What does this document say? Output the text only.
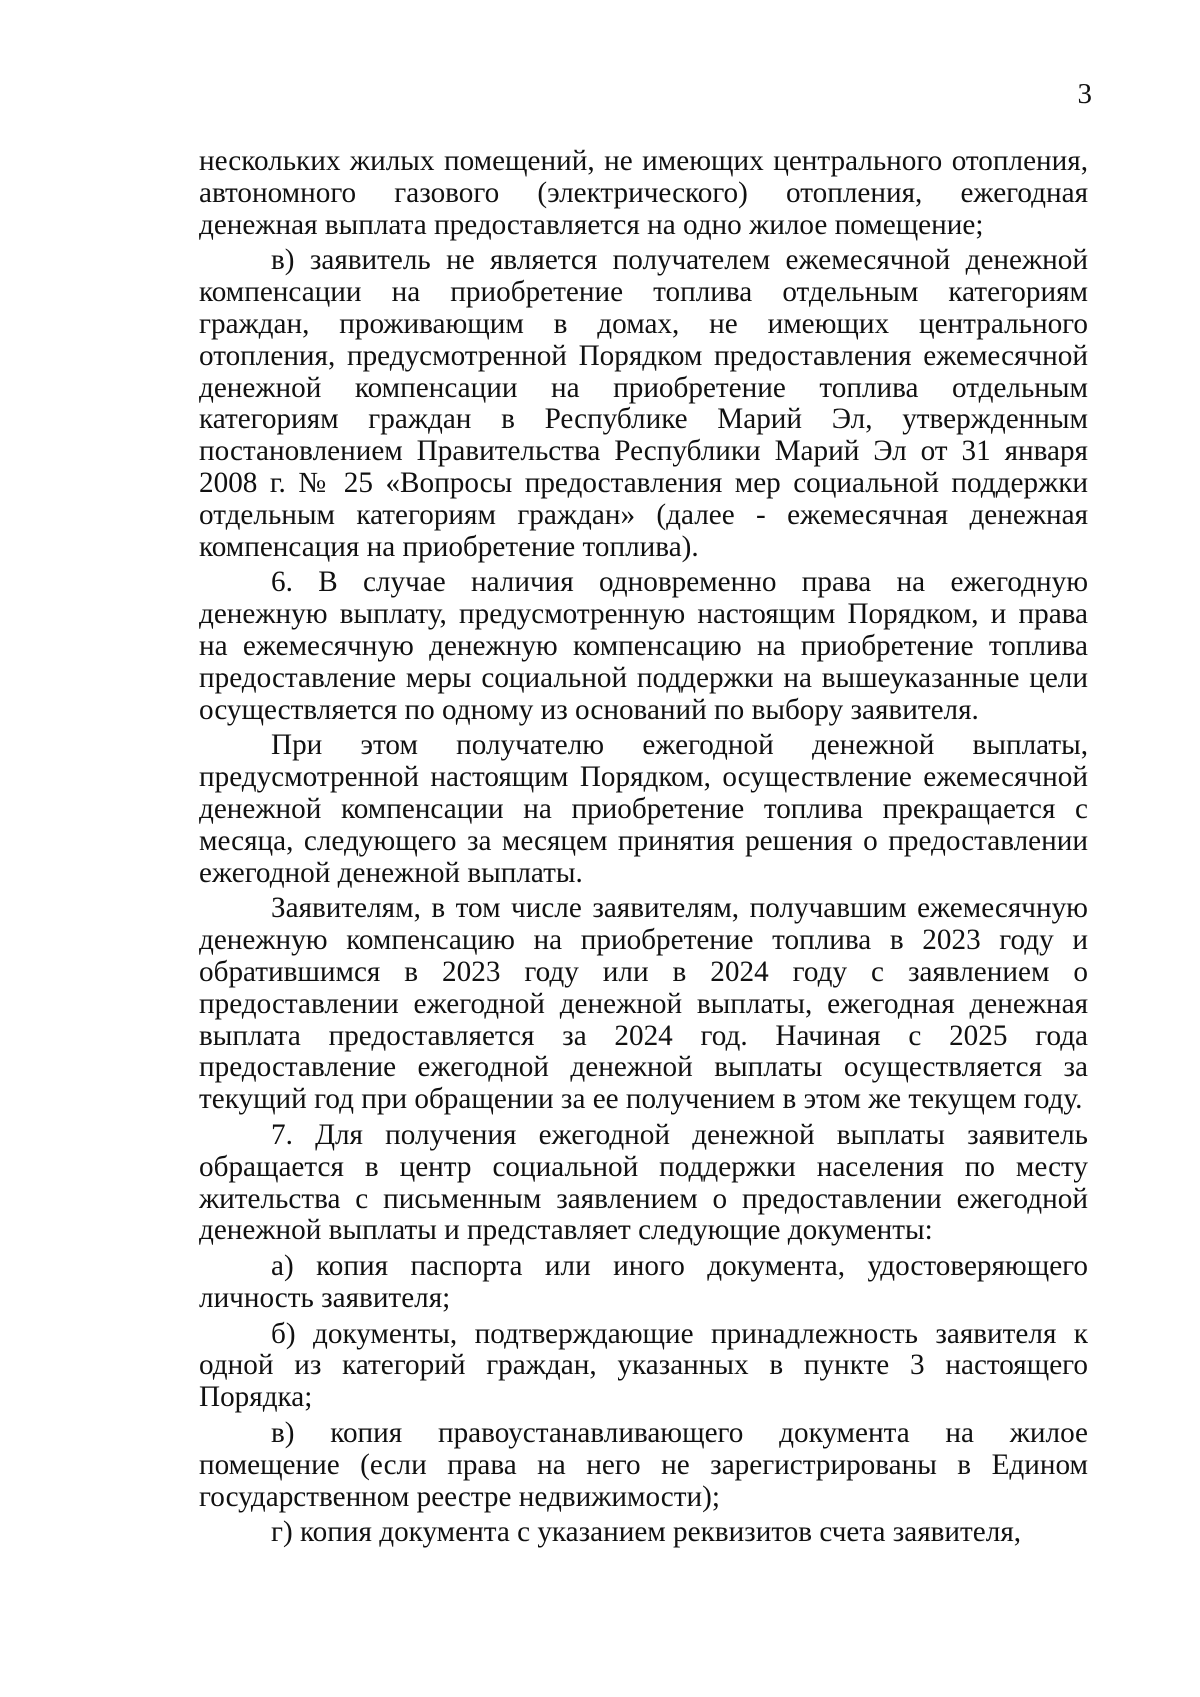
3

нескольких жилых помещений, не имеющих центрального отопления, автономного газового (электрического) отопления, ежегодная денежная выплата предоставляется на одно жилое помещение;

в) заявитель не является получателем ежемесячной денежной компенсации на приобретение топлива отдельным категориям граждан, проживающим в домах, не имеющих центрального отопления, предусмотренной Порядком предоставления ежемесячной денежной компенсации на приобретение топлива отдельным категориям граждан в Республике Марий Эл, утвержденным постановлением Правительства Республики Марий Эл от 31 января 2008 г. № 25 «Вопросы предоставления мер социальной поддержки отдельным категориям граждан» (далее - ежемесячная денежная компенсация на приобретение топлива).

6. В случае наличия одновременно права на ежегодную денежную выплату, предусмотренную настоящим Порядком, и права на ежемесячную денежную компенсацию на приобретение топлива предоставление меры социальной поддержки на вышеуказанные цели осуществляется по одному из оснований по выбору заявителя.

При этом получателю ежегодной денежной выплаты, предусмотренной настоящим Порядком, осуществление ежемесячной денежной компенсации на приобретение топлива прекращается с месяца, следующего за месяцем принятия решения о предоставлении ежегодной денежной выплаты.

Заявителям, в том числе заявителям, получавшим ежемесячную денежную компенсацию на приобретение топлива в 2023 году и обратившимся в 2023 году или в 2024 году с заявлением о предоставлении ежегодной денежной выплаты, ежегодная денежная выплата предоставляется за 2024 год. Начиная с 2025 года предоставление ежегодной денежной выплаты осуществляется за текущий год при обращении за ее получением в этом же текущем году.

7. Для получения ежегодной денежной выплаты заявитель обращается в центр социальной поддержки населения по месту жительства с письменным заявлением о предоставлении ежегодной денежной выплаты и представляет следующие документы:

а) копия паспорта или иного документа, удостоверяющего личность заявителя;

б) документы, подтверждающие принадлежность заявителя к одной из категорий граждан, указанных в пункте 3 настоящего Порядка;

в) копия правоустанавливающего документа на жилое помещение (если права на него не зарегистрированы в Едином государственном реестре недвижимости);

г) копия документа с указанием реквизитов счета заявителя,
